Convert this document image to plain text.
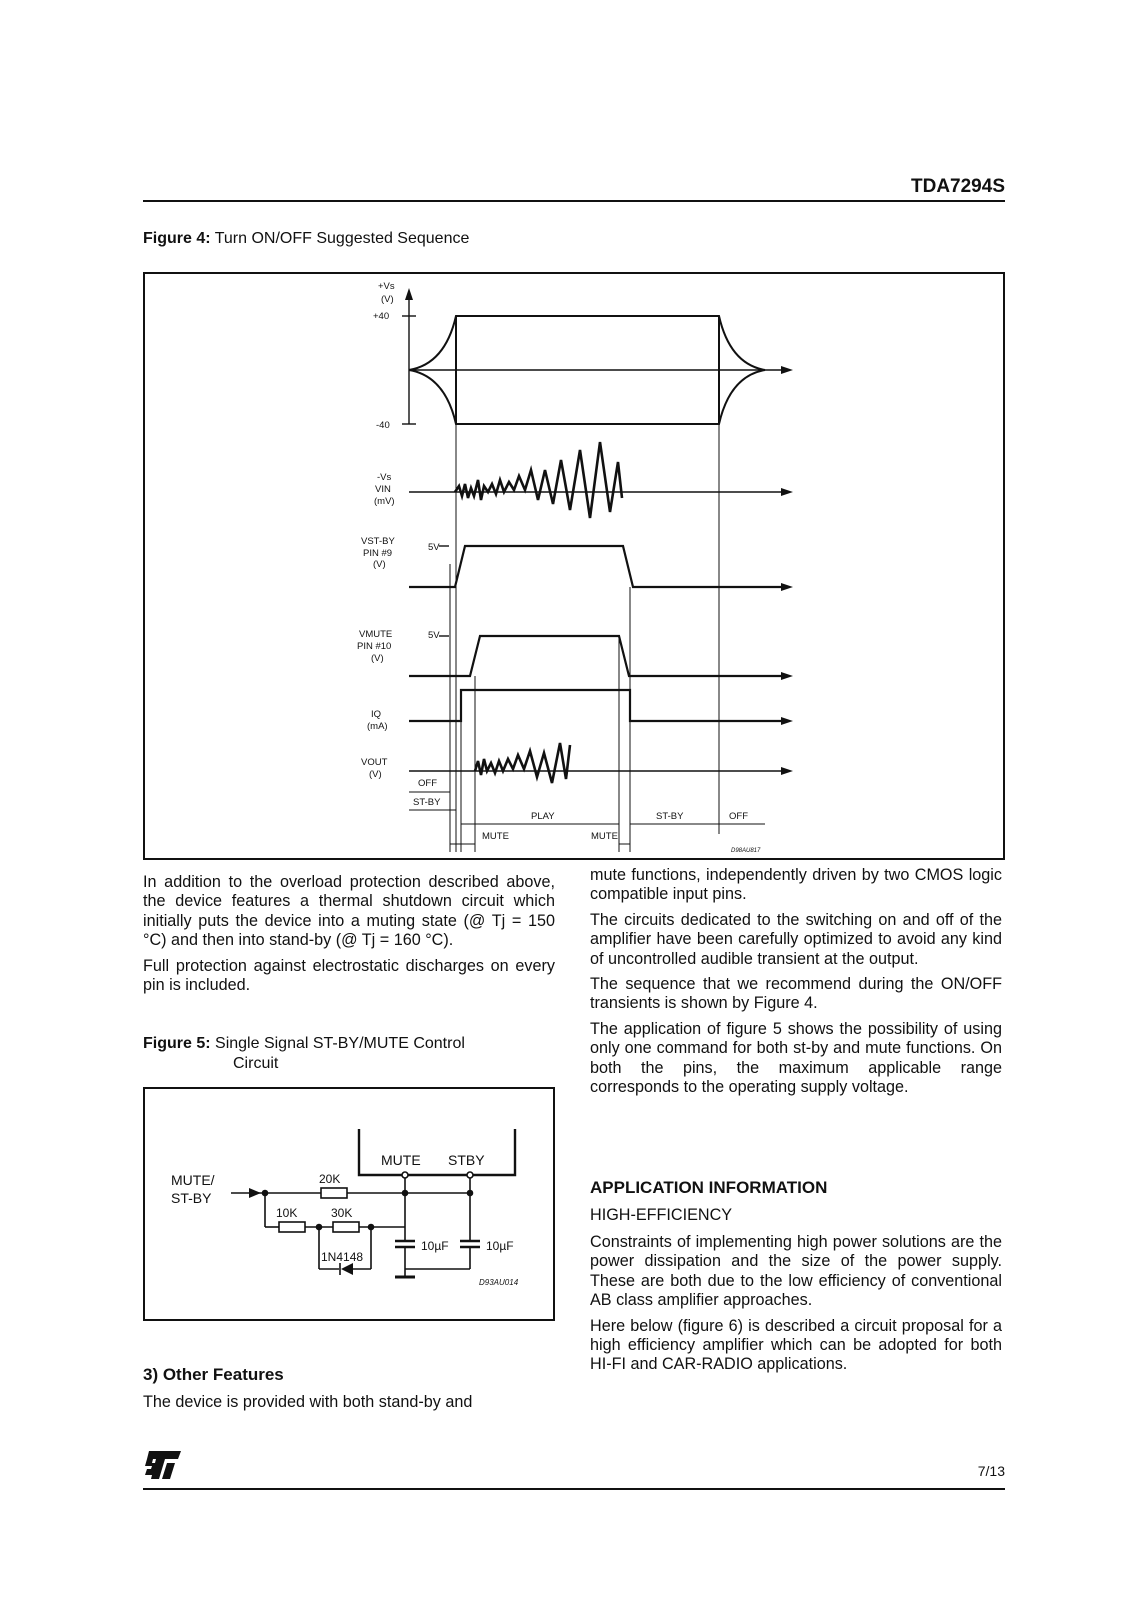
TDA7294S
Figure 4: Turn ON/OFF Suggested Sequence
+Vs
(V)
+40
-40
-Vs
VIN
(mV)
VST-BY
PIN #9
(V)
5V
VMUTE
PIN #10
(V)
5V
IQ
(mA)
VOUT
(V)
OFF
ST-BY
PLAY
MUTE	MUTE
ST-BY	OFF
D98AU817

In addition to the overload protection described above, the device features a thermal shutdown circuit which initially puts the device into a muting state (@ Tj = 150 °C) and then into stand-by (@ Tj = 160 °C).

Full protection against electrostatic discharges on every pin is included.

Figure 5: Single Signal ST-BY/MUTE Control
Circuit
MUTE/
ST-BY
20K
10K	30K
MUTE STBY
1N4148
10µF	10µF
D93AU014

3) Other Features

The device is provided with both stand-by and

mute functions, independently driven by two CMOS logic compatible input pins.

The circuits dedicated to the switching on and off of the amplifier have been carefully optimized to avoid any kind of uncontrolled audible transient at the output.

The sequence that we recommend during the ON/OFF transients is shown by Figure 4.

The application of figure 5 shows the possibility of using only one command for both st-by and mute functions. On both the pins, the maximum applicable range corresponds to the operating supply voltage.

APPLICATION INFORMATION

HIGH-EFFICIENCY

Constraints of implementing high power solutions are the power dissipation and the size of the power supply. These are both due to the low efficiency of conventional AB class amplifier approaches.

Here below (figure 6) is described a circuit proposal for a high efficiency amplifier which can be adopted for both HI-FI and CAR-RADIO applications.

7/13
